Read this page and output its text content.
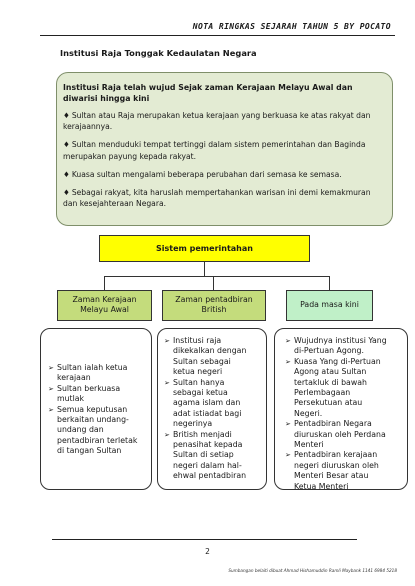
NOTA RINGKAS SEJARAH TAHUN 5 BY POCATO
Institusi Raja Tonggak Kedaulatan Negara
Institusi Raja telah wujud Sejak zaman Kerajaan Melayu Awal dan diwarisi hingga kini
♦ Sultan atau Raja merupakan ketua kerajaan yang berkuasa ke atas rakyat dan kerajaannya.
♦ Sultan menduduki tempat tertinggi dalam sistem pemerintahan dan Baginda merupakan payung kepada rakyat.
♦ Kuasa sultan mengalami beberapa perubahan dari semasa ke semasa.
♦ Sebagai rakyat, kita haruslah mempertahankan warisan ini demi kemakmuran dan kesejahteraan Negara.
Sistem pemerintahan
Zaman Kerajaan Melayu Awal
Zaman pentadbiran British
Pada masa kini
➢ Sultan ialah ketua kerajaan
➢ Sultan berkuasa mutlak
➢ Semua keputusan berkaitan undang-undang dan pentadbiran terletak di tangan Sultan
➢ Institusi raja dikekalkan dengan Sultan sebagai ketua negeri
➢ Sultan hanya sebagai ketua agama islam dan adat istiadat bagi negerinya
➢ British menjadi penasihat kepada Sultan di setiap negeri dalam hal-ehwal pentadbiran
➢ Wujudnya institusi Yang di-Pertuan Agong.
➢ Kuasa Yang di-Pertuan Agong atau Sultan tertakluk di bawah Perlembagaan Persekutuan atau Negeri.
➢ Pentadbiran Negara diuruskan oleh Perdana Menteri
➢ Pentadbiran kerajaan negeri diuruskan oleh Menteri Besar atau Ketua Menteri
2
Sumbangan belaiti dibuat Ahmad Hishamuddin Ramli Maybank 1141 6984 5218
